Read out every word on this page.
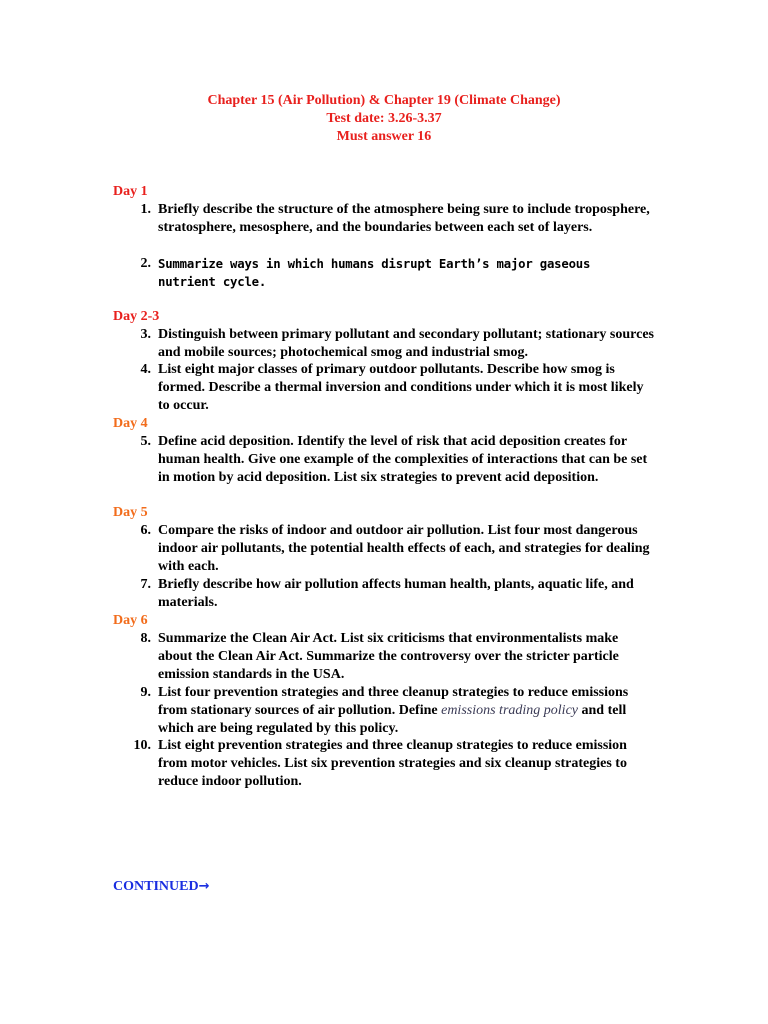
Chapter 15 (Air Pollution) & Chapter 19 (Climate Change)
Test date: 3.26-3.37
Must answer 16
Day 1
1. Briefly describe the structure of the atmosphere being sure to include troposphere, stratosphere, mesosphere, and the boundaries between each set of layers.
2. Summarize ways in which humans disrupt Earth’s major gaseous nutrient cycle.
Day 2-3
3. Distinguish between primary pollutant and secondary pollutant; stationary sources and mobile sources; photochemical smog and industrial smog.
4. List eight major classes of primary outdoor pollutants. Describe how smog is formed. Describe a thermal inversion and conditions under which it is most likely to occur.
Day 4
5. Define acid deposition. Identify the level of risk that acid deposition creates for human health. Give one example of the complexities of interactions that can be set in motion by acid deposition. List six strategies to prevent acid deposition.
Day 5
6. Compare the risks of indoor and outdoor air pollution. List four most dangerous indoor air pollutants, the potential health effects of each, and strategies for dealing with each.
7. Briefly describe how air pollution affects human health, plants, aquatic life, and materials.
Day 6
8. Summarize the Clean Air Act. List six criticisms that environmentalists make about the Clean Air Act. Summarize the controversy over the stricter particle emission standards in the USA.
9. List four prevention strategies and three cleanup strategies to reduce emissions from stationary sources of air pollution. Define emissions trading policy and tell which are being regulated by this policy.
10. List eight prevention strategies and three cleanup strategies to reduce emission from motor vehicles. List six prevention strategies and six cleanup strategies to reduce indoor pollution.
CONTINUED→
